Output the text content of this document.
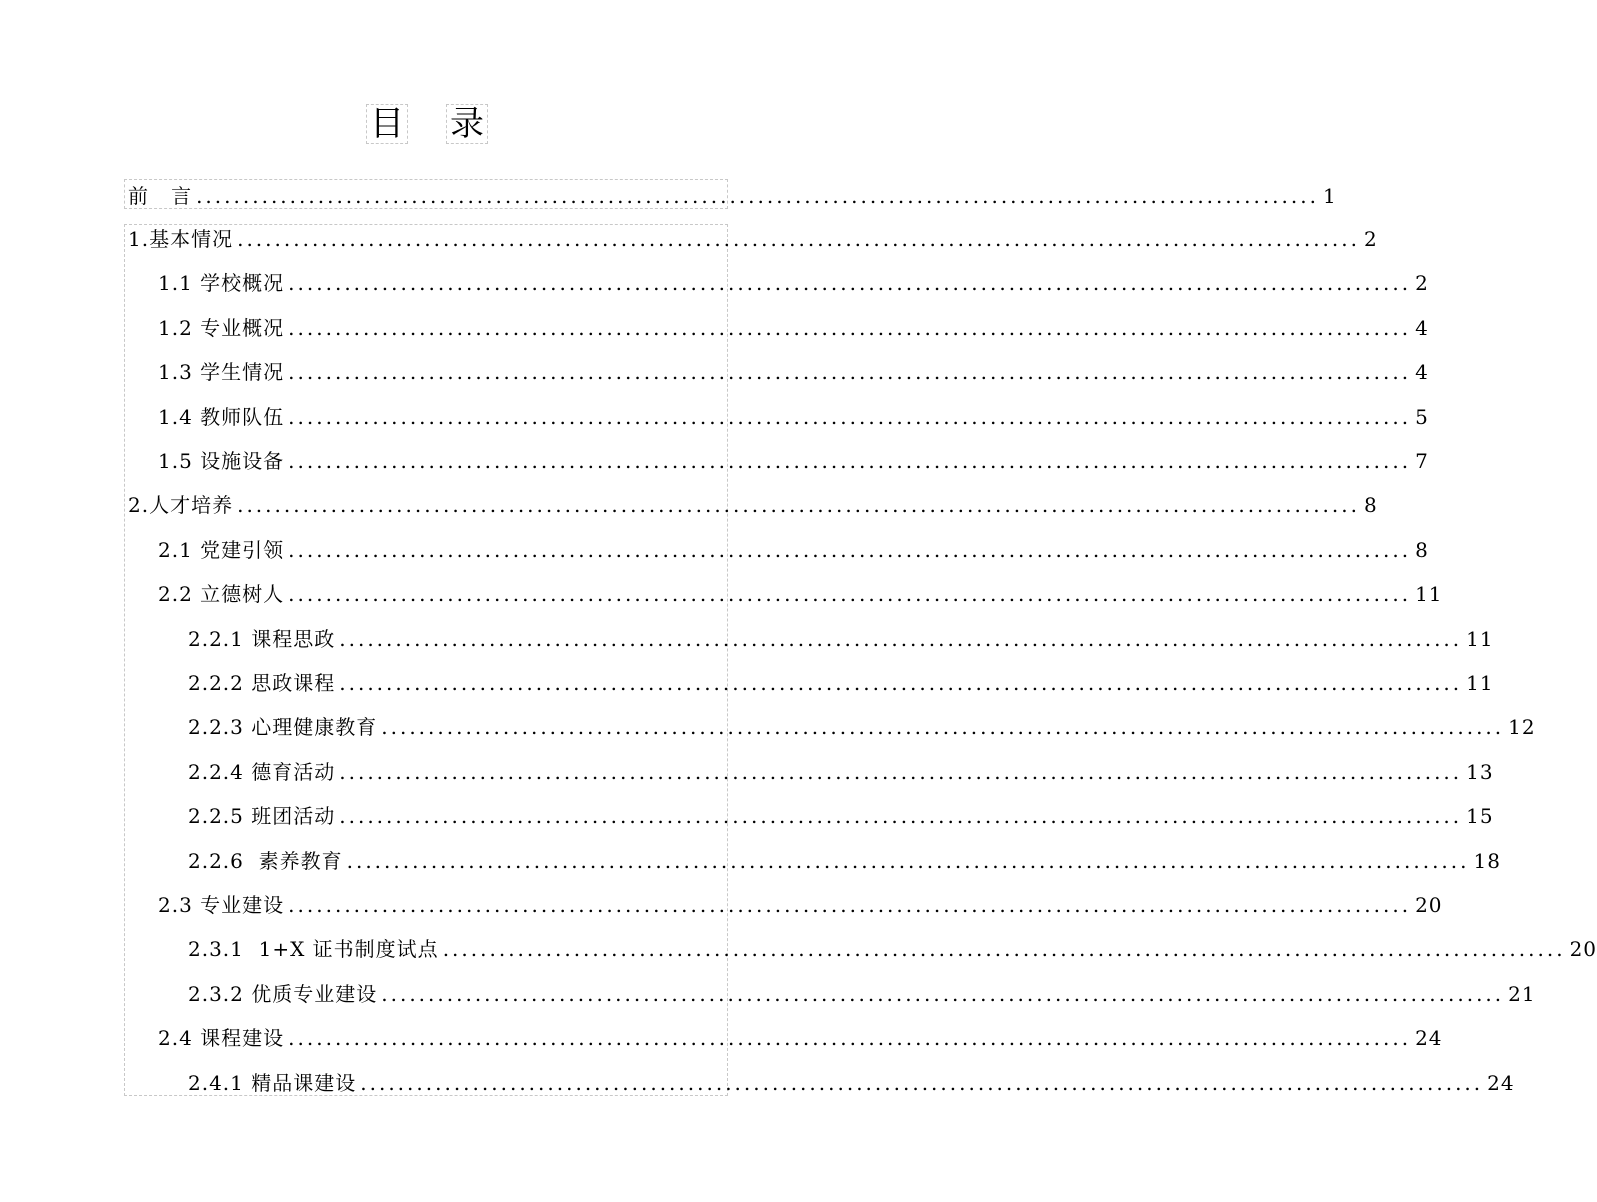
目 录
前   言 ........................................................................................................................ 1
1.基本情况 ........................................................................................................................ 2
1.1 学校概况 ........................................................................................................................ 2
1.2 专业概况 ........................................................................................................................ 4
1.3 学生情况 ........................................................................................................................ 4
1.4 教师队伍 ........................................................................................................................ 5
1.5 设施设备 ........................................................................................................................ 7
2.人才培养 ........................................................................................................................ 8
2.1 党建引领 ........................................................................................................................ 8
2.2 立德树人 ........................................................................................................................ 11
2.2.1 课程思政 ........................................................................................................................ 11
2.2.2 思政课程 ........................................................................................................................ 11
2.2.3 心理健康教育 ........................................................................................................................ 12
2.2.4 德育活动 ........................................................................................................................ 13
2.2.5 班团活动 ........................................................................................................................ 15
2.2.6  素养教育 ........................................................................................................................ 18
2.3 专业建设 ........................................................................................................................ 20
2.3.1  1+X 证书制度试点 ........................................................................................................................ 20
2.3.2 优质专业建设 ........................................................................................................................ 21
2.4 课程建设 ........................................................................................................................ 24
2.4.1 精品课建设 ........................................................................................................................ 24
